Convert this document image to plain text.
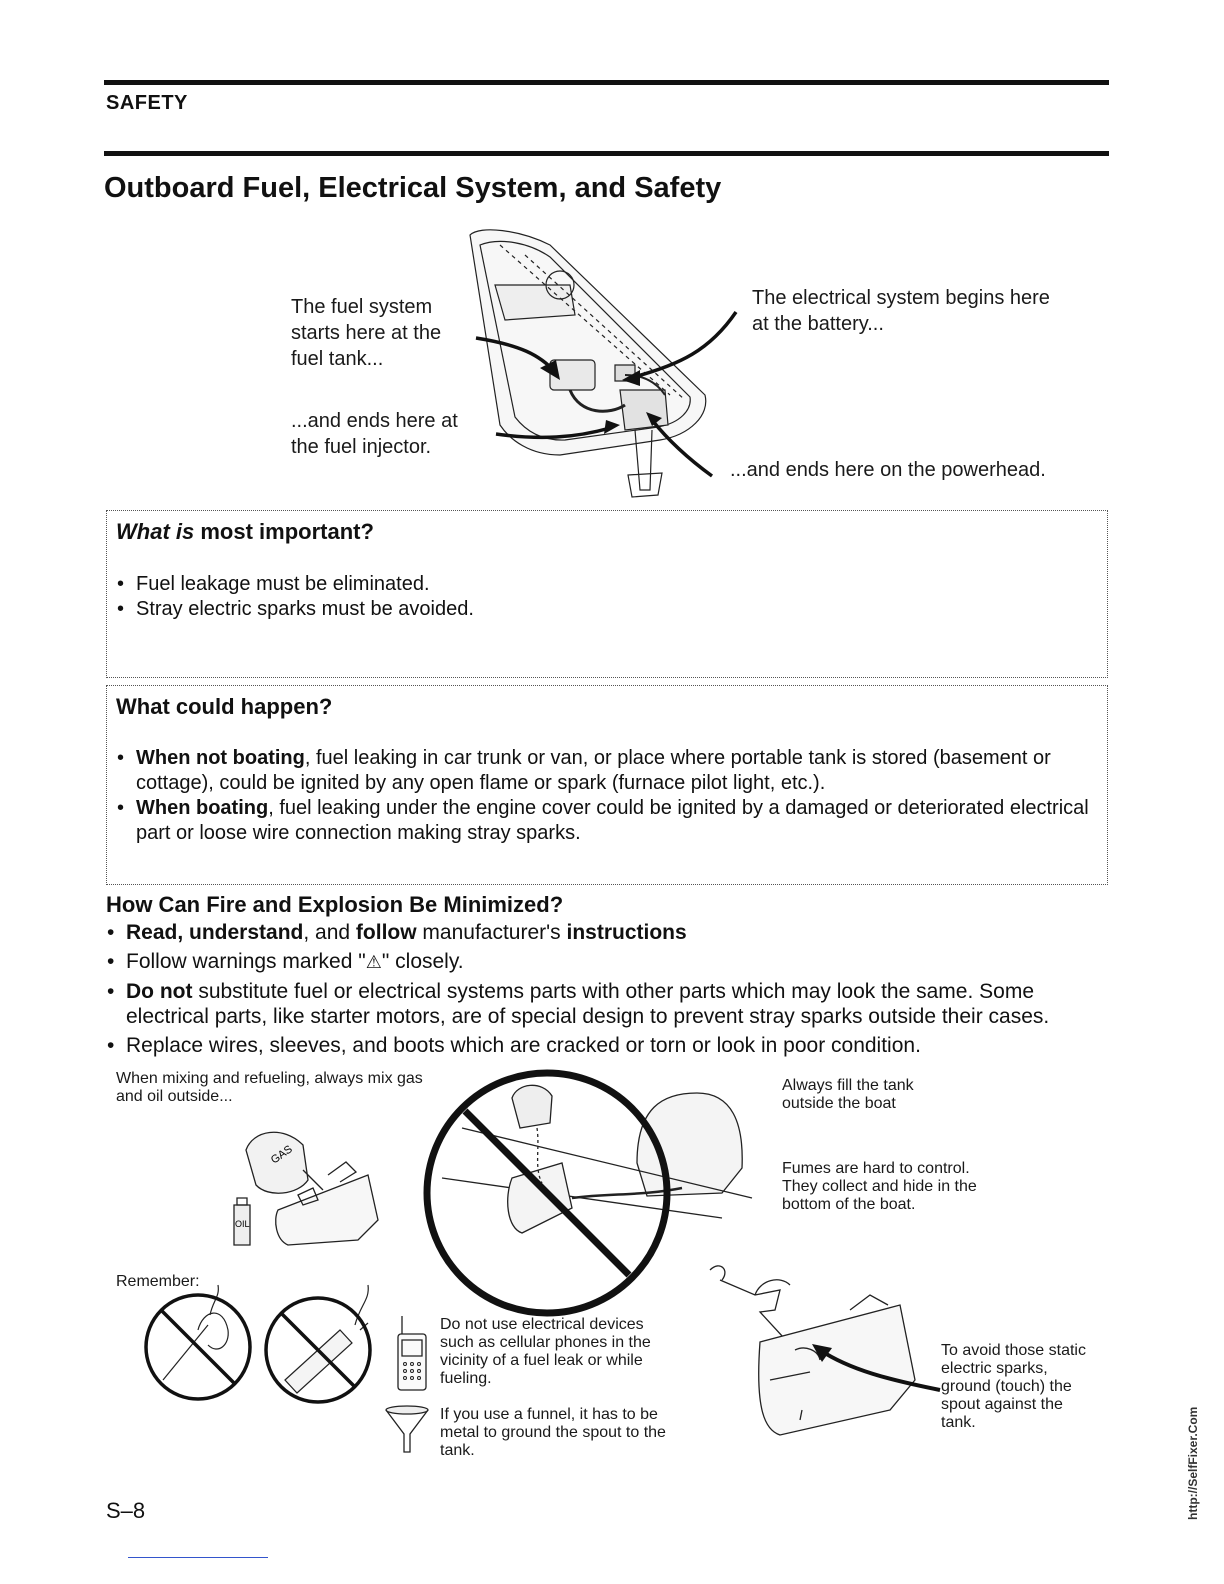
SAFETY
Outboard Fuel, Electrical System, and Safety
The fuel system starts here at the fuel tank...
...and ends here at the fuel injector.
The electrical system begins here at the battery...
...and ends here on the powerhead.
What is most important?
• Fuel leakage must be eliminated.
• Stray electric sparks must be avoided.
What could happen?
• When not boating, fuel leaking in car trunk or van, or place where portable tank is stored (basement or cottage), could be ignited by any open flame or spark (furnace pilot light, etc.).
• When boating, fuel leaking under the engine cover could be ignited by a damaged or deteriorated electrical part or loose wire connection making stray sparks.
How Can Fire and Explosion Be Minimized?
• Read, understand, and follow manufacturer's instructions
• Follow warnings marked "⚠" closely.
• Do not substitute fuel or electrical systems parts with other parts which may look the same. Some electrical parts, like starter motors, are of special design to prevent stray sparks outside their cases.
• Replace wires, sleeves, and boots which are cracked or torn or look in poor condition.
When mixing and refueling, always mix gas and oil outside...
Always fill the tank outside the boat
Fumes are hard to control. They collect and hide in the bottom of the boat.
Remember:
Do not use electrical devices such as cellular phones in the vicinity of a fuel leak or while fueling.
If you use a funnel, it has to be metal to ground the spout to the tank.
To avoid those static electric sparks, ground (touch) the spout against the tank.
GAS
OIL
S–8	http://SelfFixer.Com
